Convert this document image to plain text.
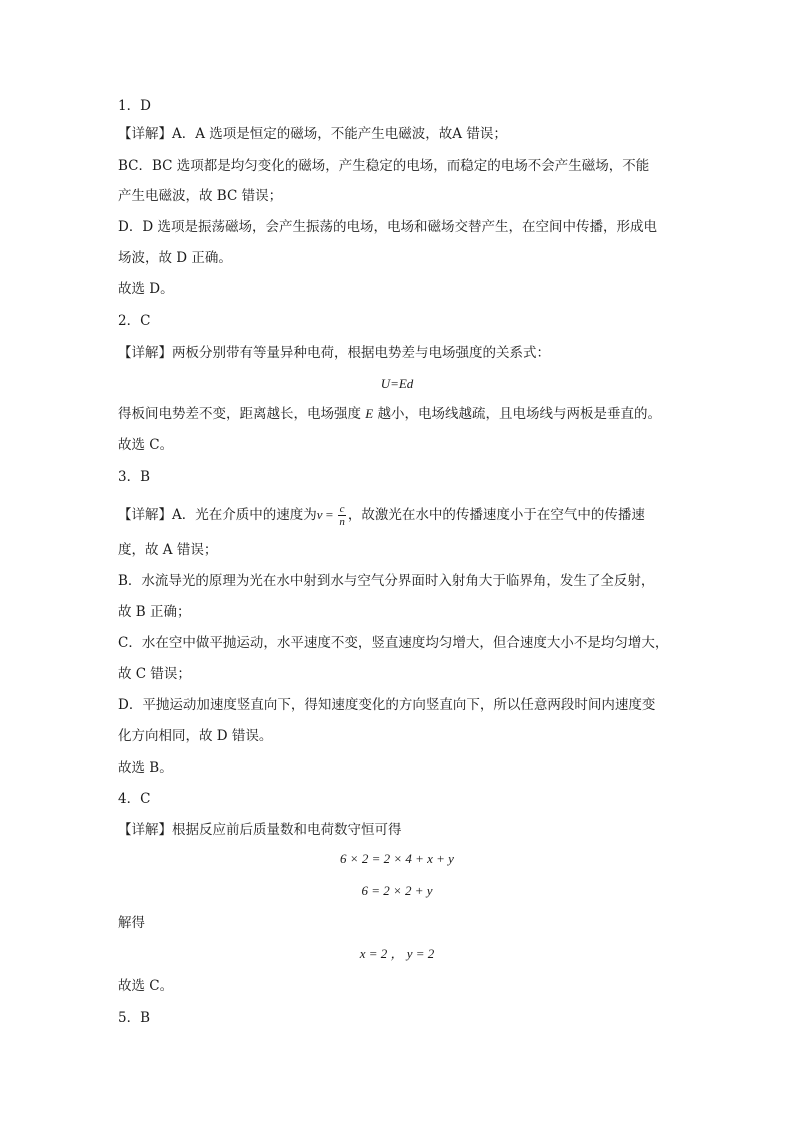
1．D
【详解】A．A 选项是恒定的磁场，不能产生电磁波，故A 错误；
BC．BC 选项都是均匀变化的磁场，产生稳定的电场，而稳定的电场不会产生磁场，不能
产生电磁波，故 BC 错误；
D．D 选项是振荡磁场，会产生振荡的电场，电场和磁场交替产生，在空间中传播，形成电
场波，故 D 正确。
故选 D。
2．C
【详解】两板分别带有等量异种电荷，根据电势差与电场强度的关系式：
U=Ed
得板间电势差不变，距离越长，电场强度 E 越小，电场线越疏，且电场线与两板是垂直的。
故选 C。
3．B
【详解】A．光在介质中的速度为$v = \frac{c}{n}$ ，故激光在水中的传播速度小于在空气中的传播速
度，故 A 错误；
B．水流导光的原理为光在水中射到水与空气分界面时入射角大于临界角，发生了全反射，
故 B 正确；
C．水在空中做平抛运动，水平速度不变，竖直速度均匀增大，但合速度大小不是均匀增大，
故 C 错误；
D．平抛运动加速度竖直向下，得知速度变化的方向竖直向下，所以任意两段时间内速度变
化方向相同，故 D 错误。
故选 B。
4．C
【详解】根据反应前后质量数和电荷数守恒可得
6 × 2 = 2 × 4 + x + y
6 = 2 × 2 + y
解得
x = 2 ， y = 2
故选 C。
5．B
